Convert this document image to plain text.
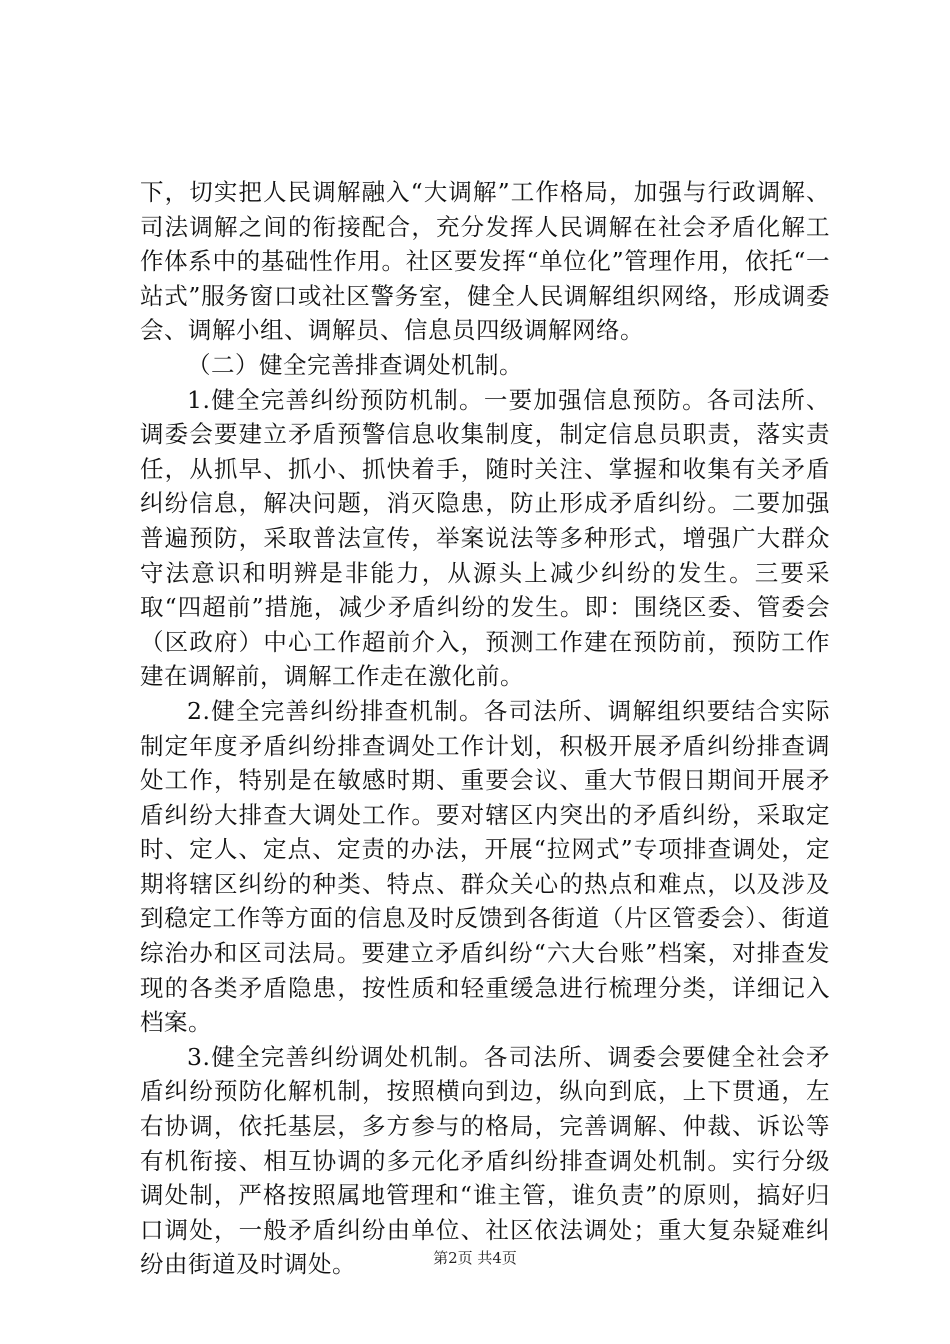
下，切实把人民调解融入“大调解”工作格局，加强与行政调解、司法调解之间的衔接配合，充分发挥人民调解在社会矛盾化解工作体系中的基础性作用。社区要发挥“单位化”管理作用，依托“一站式”服务窗口或社区警务室，健全人民调解组织网络，形成调委会、调解小组、调解员、信息员四级调解网络。

（二）健全完善排查调处机制。

1.健全完善纠纷预防机制。一要加强信息预防。各司法所、调委会要建立矛盾预警信息收集制度，制定信息员职责，落实责任，从抓早、抓小、抓快着手，随时关注、掌握和收集有关矛盾纠纷信息，解决问题，消灭隐患，防止形成矛盾纠纷。二要加强普遍预防，采取普法宣传，举案说法等多种形式，增强广大群众守法意识和明辨是非能力，从源头上减少纠纷的发生。三要采取“四超前”措施，减少矛盾纠纷的发生。即：围绕区委、管委会（区政府）中心工作超前介入，预测工作建在预防前，预防工作建在调解前，调解工作走在激化前。

2.健全完善纠纷排查机制。各司法所、调解组织要结合实际制定年度矛盾纠纷排查调处工作计划，积极开展矛盾纠纷排查调处工作，特别是在敏感时期、重要会议、重大节假日期间开展矛盾纠纷大排查大调处工作。要对辖区内突出的矛盾纠纷，采取定时、定人、定点、定责的办法，开展“拉网式”专项排查调处，定期将辖区纠纷的种类、特点、群众关心的热点和难点，以及涉及到稳定工作等方面的信息及时反馈到各街道（片区管委会）、街道综治办和区司法局。要建立矛盾纠纷“六大台账”档案，对排查发现的各类矛盾隐患，按性质和轻重缓急进行梳理分类，详细记入档案。

3.健全完善纠纷调处机制。各司法所、调委会要健全社会矛盾纠纷预防化解机制，按照横向到边，纵向到底，上下贯通，左右协调，依托基层，多方参与的格局，完善调解、仲裁、诉讼等有机衔接、相互协调的多元化矛盾纠纷排查调处机制。实行分级调处制，严格按照属地管理和“谁主管，谁负责”的原则，搞好归口调处，一般矛盾纠纷由单位、社区依法调处；重大复杂疑难纠纷由街道及时调处。	第2页 共4页
